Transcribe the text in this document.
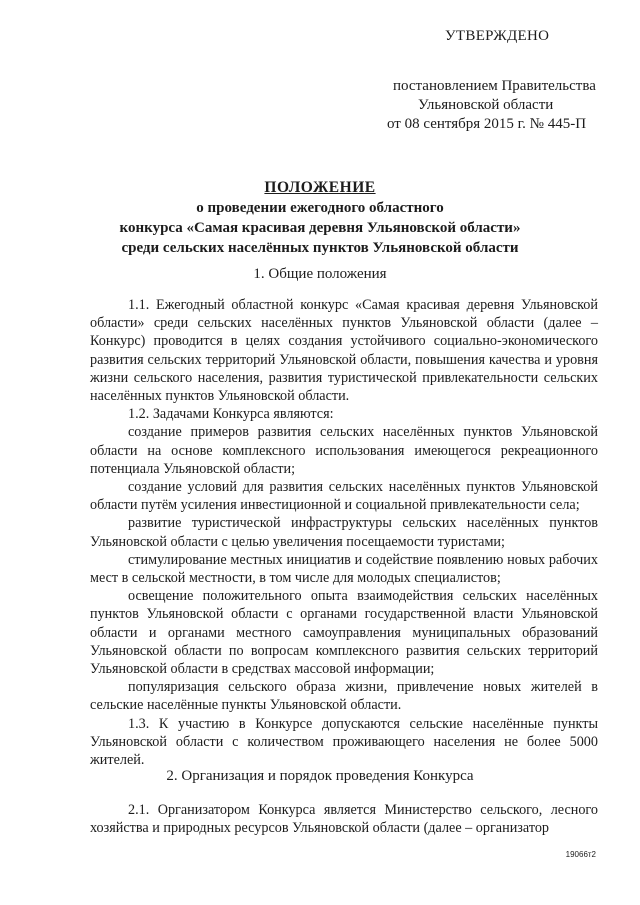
УТВЕРЖДЕНО
постановлением Правительства
Ульяновской области
от 08 сентября 2015 г. № 445-П
ПОЛОЖЕНИЕ
о проведении ежегодного областного
конкурса «Самая красивая деревня Ульяновской области»
среди сельских населённых пунктов Ульяновской области
1. Общие положения

1.1. Ежегодный областной конкурс «Самая красивая деревня Ульяновской области» среди сельских населённых пунктов Ульяновской области (далее – Конкурс) проводится в целях создания устойчивого социально-экономического развития сельских территорий Ульяновской области, повышения качества и уровня жизни сельского населения, развития туристической привлекательности сельских населённых пунктов Ульяновской области.

1.2. Задачами Конкурса являются:

создание примеров развития сельских населённых пунктов Ульяновской области на основе комплексного использования имеющегося рекреационного потенциала Ульяновской области;

создание условий для развития сельских населённых пунктов Ульяновской области путём усиления инвестиционной и социальной привлекательности села;

развитие туристической инфраструктуры сельских населённых пунктов Ульяновской области с целью увеличения посещаемости туристами;

стимулирование местных инициатив и содействие появлению новых рабочих мест в сельской местности, в том числе для молодых специалистов;

освещение положительного опыта взаимодействия сельских населённых пунктов Ульяновской области с органами государственной власти Ульяновской области и органами местного самоуправления муниципальных образований Ульяновской области по вопросам комплексного развития сельских территорий Ульяновской области в средствах массовой информации;

популяризация сельского образа жизни, привлечение новых жителей в сельские населённые пункты Ульяновской области.

1.3. К участию в Конкурсе допускаются сельские населённые пункты Ульяновской области с количеством проживающего населения не более 5000 жителей.

2. Организация и порядок проведения Конкурса

2.1. Организатором Конкурса является Министерство сельского, лесного хозяйства и природных ресурсов Ульяновской области (далее – организатор

19066т2
